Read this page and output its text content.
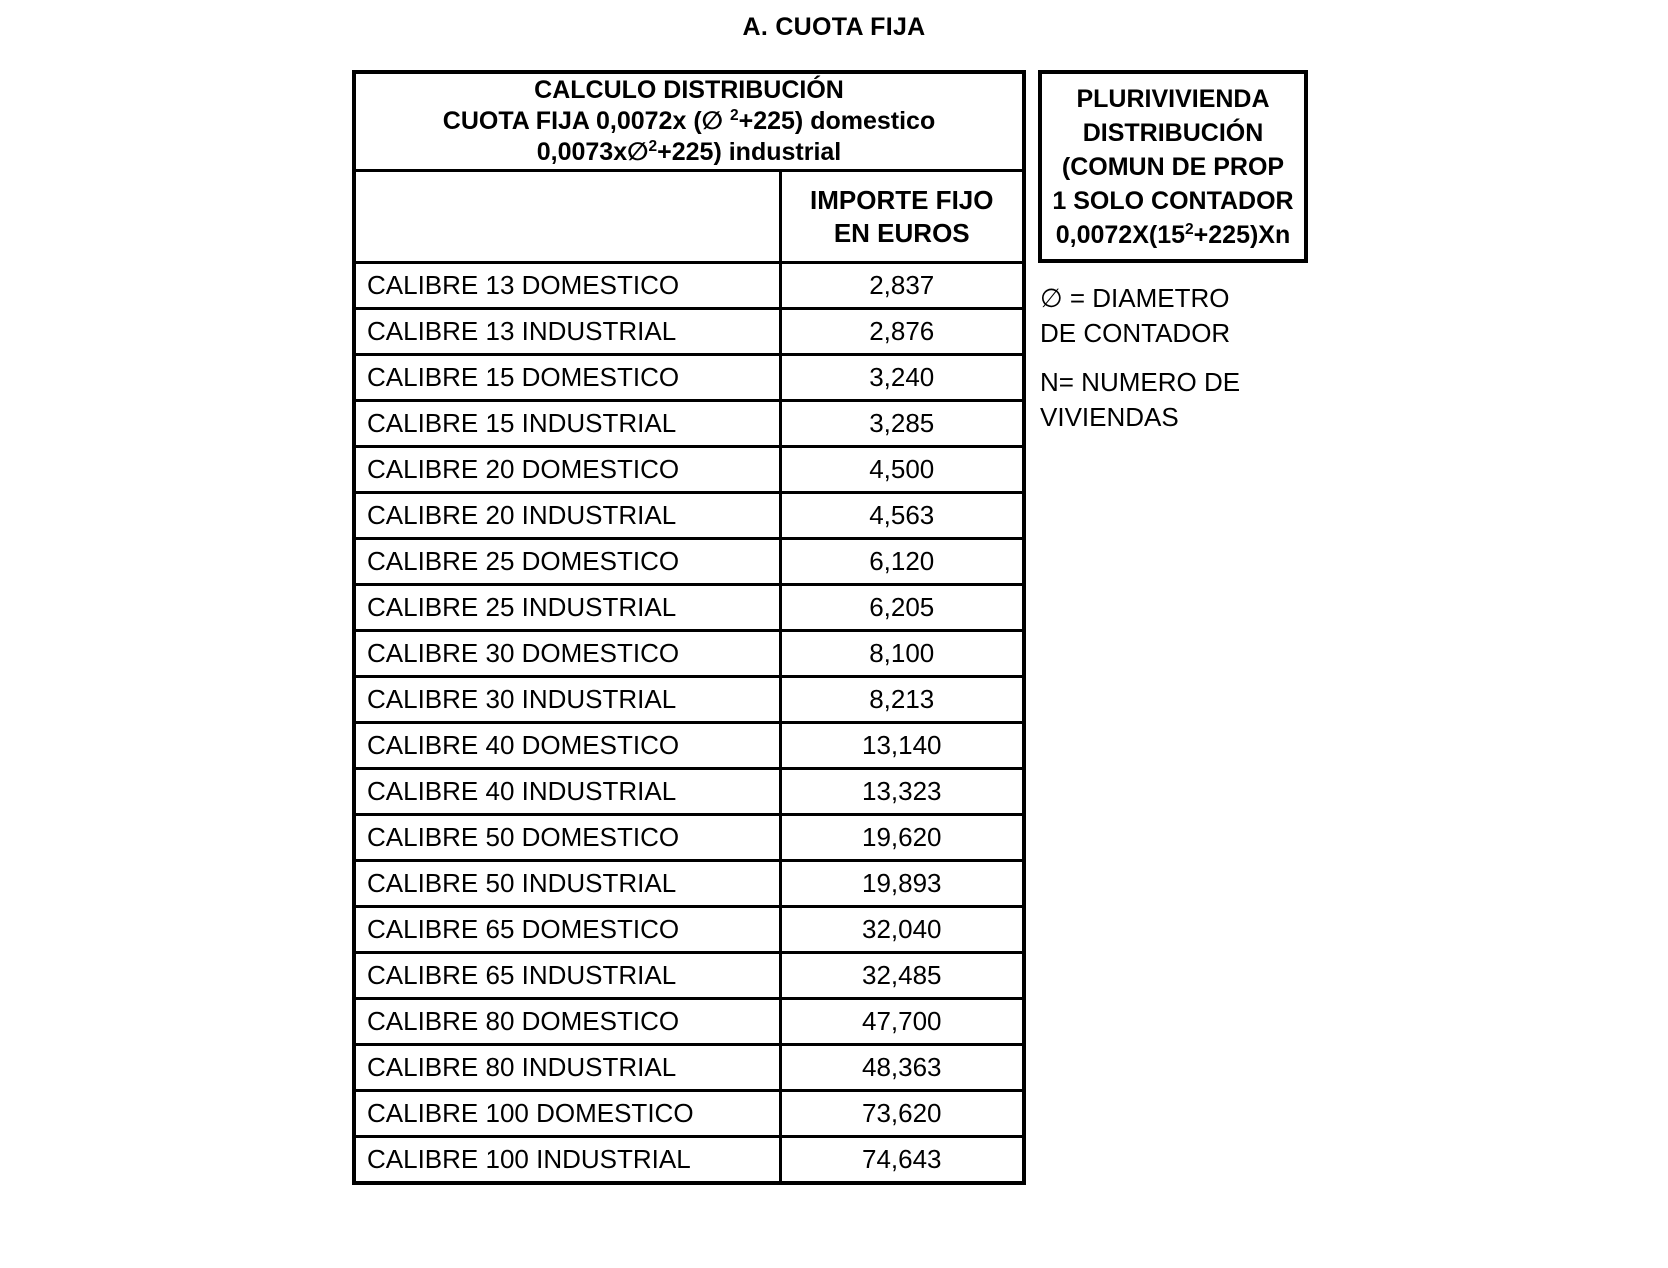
A. CUOTA FIJA
CALCULO DISTRIBUCIÓN
CUOTA FIJA 0,0072x (∅ $^2$+225) domestico
0,0073x∅$^2$+225) industrial	

	IMPORTE FIJO
EN EUROS

CALIBRE 13 DOMESTICO	2,837
CALIBRE 13 INDUSTRIAL	2,876
CALIBRE 15 DOMESTICO	3,240
CALIBRE 15 INDUSTRIAL	3,285
CALIBRE 20 DOMESTICO	4,500
CALIBRE 20 INDUSTRIAL	4,563
CALIBRE 25 DOMESTICO	6,120
CALIBRE 25 INDUSTRIAL	6,205
CALIBRE 30 DOMESTICO	8,100
CALIBRE 30 INDUSTRIAL	8,213
CALIBRE 40 DOMESTICO	13,140
CALIBRE 40 INDUSTRIAL	13,323
CALIBRE 50 DOMESTICO	19,620
CALIBRE 50 INDUSTRIAL	19,893
CALIBRE 65 DOMESTICO	32,040
CALIBRE 65 INDUSTRIAL	32,485
CALIBRE 80 DOMESTICO	47,700
CALIBRE 80 INDUSTRIAL	48,363
CALIBRE 100 DOMESTICO	73,620
CALIBRE 100 INDUSTRIAL	74,643
PLURIVIVIENDA
DISTRIBUCIÓN
(COMUN DE PROP
1 SOLO CONTADOR
$0,0072X(15^2+225)Xn$
∅ = DIAMETRO
DE CONTADOR
N= NUMERO DE
VIVIENDAS
